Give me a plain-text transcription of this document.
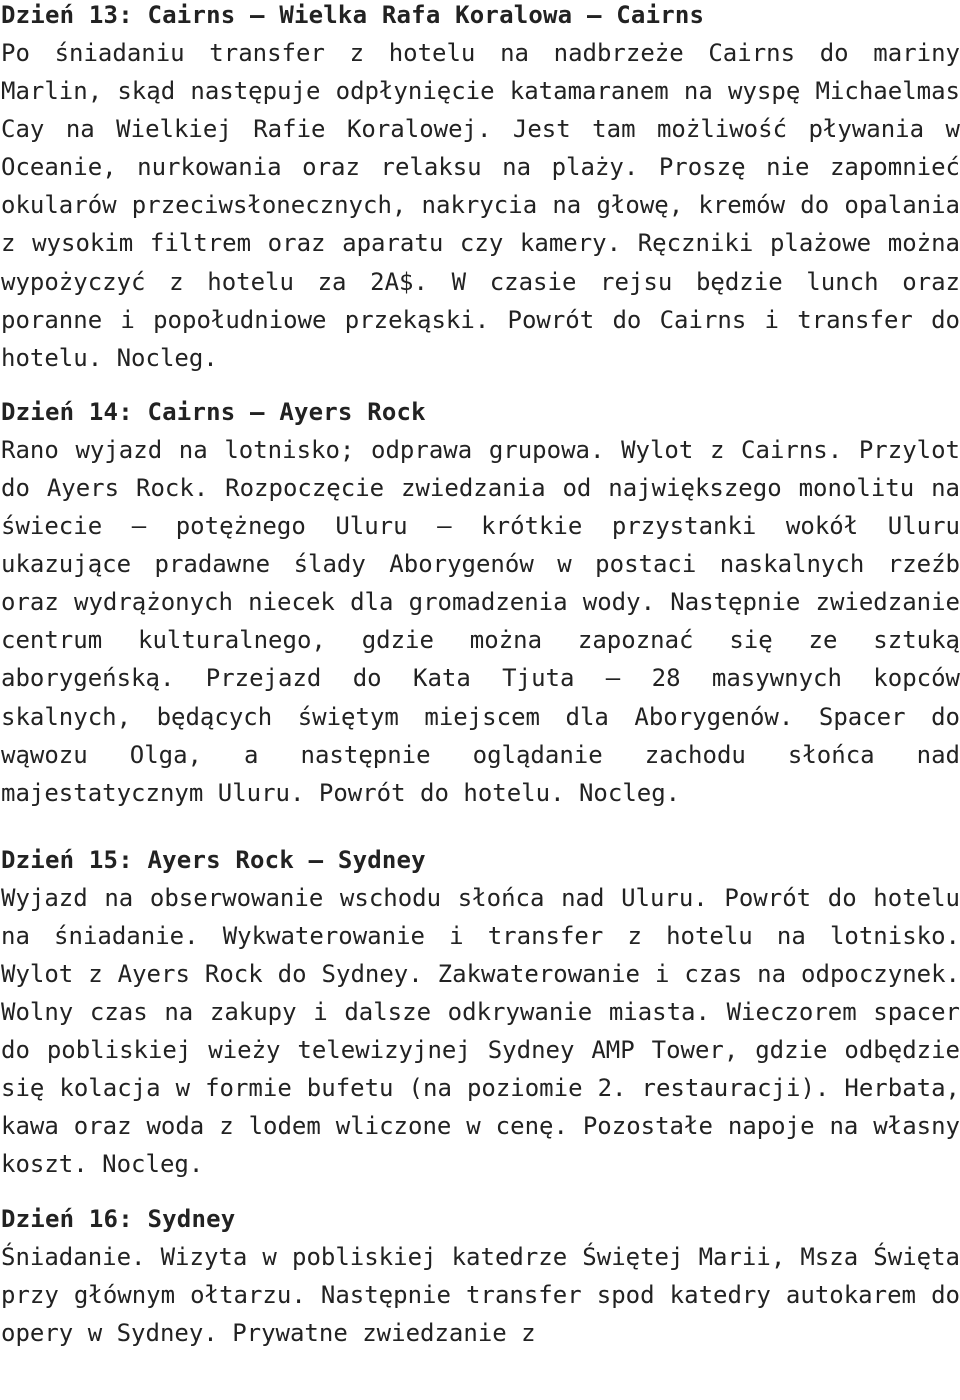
Dzień 13: Cairns – Wielka Rafa Koralowa – Cairns

Po śniadaniu transfer z hotelu na nadbrzeże Cairns do mariny Marlin, skąd następuje odpłynięcie katamaranem na wyspę Michaelmas Cay na Wielkiej Rafie Koralowej. Jest tam możliwość pływania w Oceanie, nurkowania oraz relaksu na plaży. Proszę nie zapomnieć okularów przeciwsłonecznych, nakrycia na głowę, kremów do opalania z wysokim filtrem oraz aparatu czy kamery. Ręczniki plażowe można wypożyczyć z hotelu za 2A$. W czasie rejsu będzie lunch oraz poranne i popołudniowe przekąski. Powrót do Cairns i transfer do hotelu. Nocleg.

Dzień 14: Cairns – Ayers Rock

Rano wyjazd na lotnisko; odprawa grupowa. Wylot z Cairns. Przylot do Ayers Rock. Rozpoczęcie zwiedzania od największego monolitu na świecie – potężnego Uluru – krótkie przystanki wokół Uluru ukazujące pradawne ślady Aborygenów w postaci naskalnych rzeźb oraz wydrążonych niecek dla gromadzenia wody. Następnie zwiedzanie centrum kulturalnego, gdzie można zapoznać się ze sztuką aborygeńską. Przejazd do Kata Tjuta – 28 masywnych kopców skalnych, będących świętym miejscem dla Aborygenów. Spacer do wąwozu Olga, a następnie oglądanie zachodu słońca nad majestatycznym Uluru. Powrót do hotelu. Nocleg.

Dzień 15: Ayers Rock – Sydney

Wyjazd na obserwowanie wschodu słońca nad Uluru. Powrót do hotelu na śniadanie. Wykwaterowanie i transfer z hotelu na lotnisko. Wylot z Ayers Rock do Sydney. Zakwaterowanie i czas na odpoczynek. Wolny czas na zakupy i dalsze odkrywanie miasta. Wieczorem spacer do pobliskiej wieży telewizyjnej Sydney AMP Tower, gdzie odbędzie się kolacja w formie bufetu (na poziomie 2. restauracji). Herbata, kawa oraz woda z lodem wliczone w cenę. Pozostałe napoje na własny koszt. Nocleg.

Dzień 16: Sydney

Śniadanie. Wizyta w pobliskiej katedrze Świętej Marii, Msza Święta przy głównym ołtarzu. Następnie transfer spod katedry autokarem do opery w Sydney. Prywatne zwiedzanie z
